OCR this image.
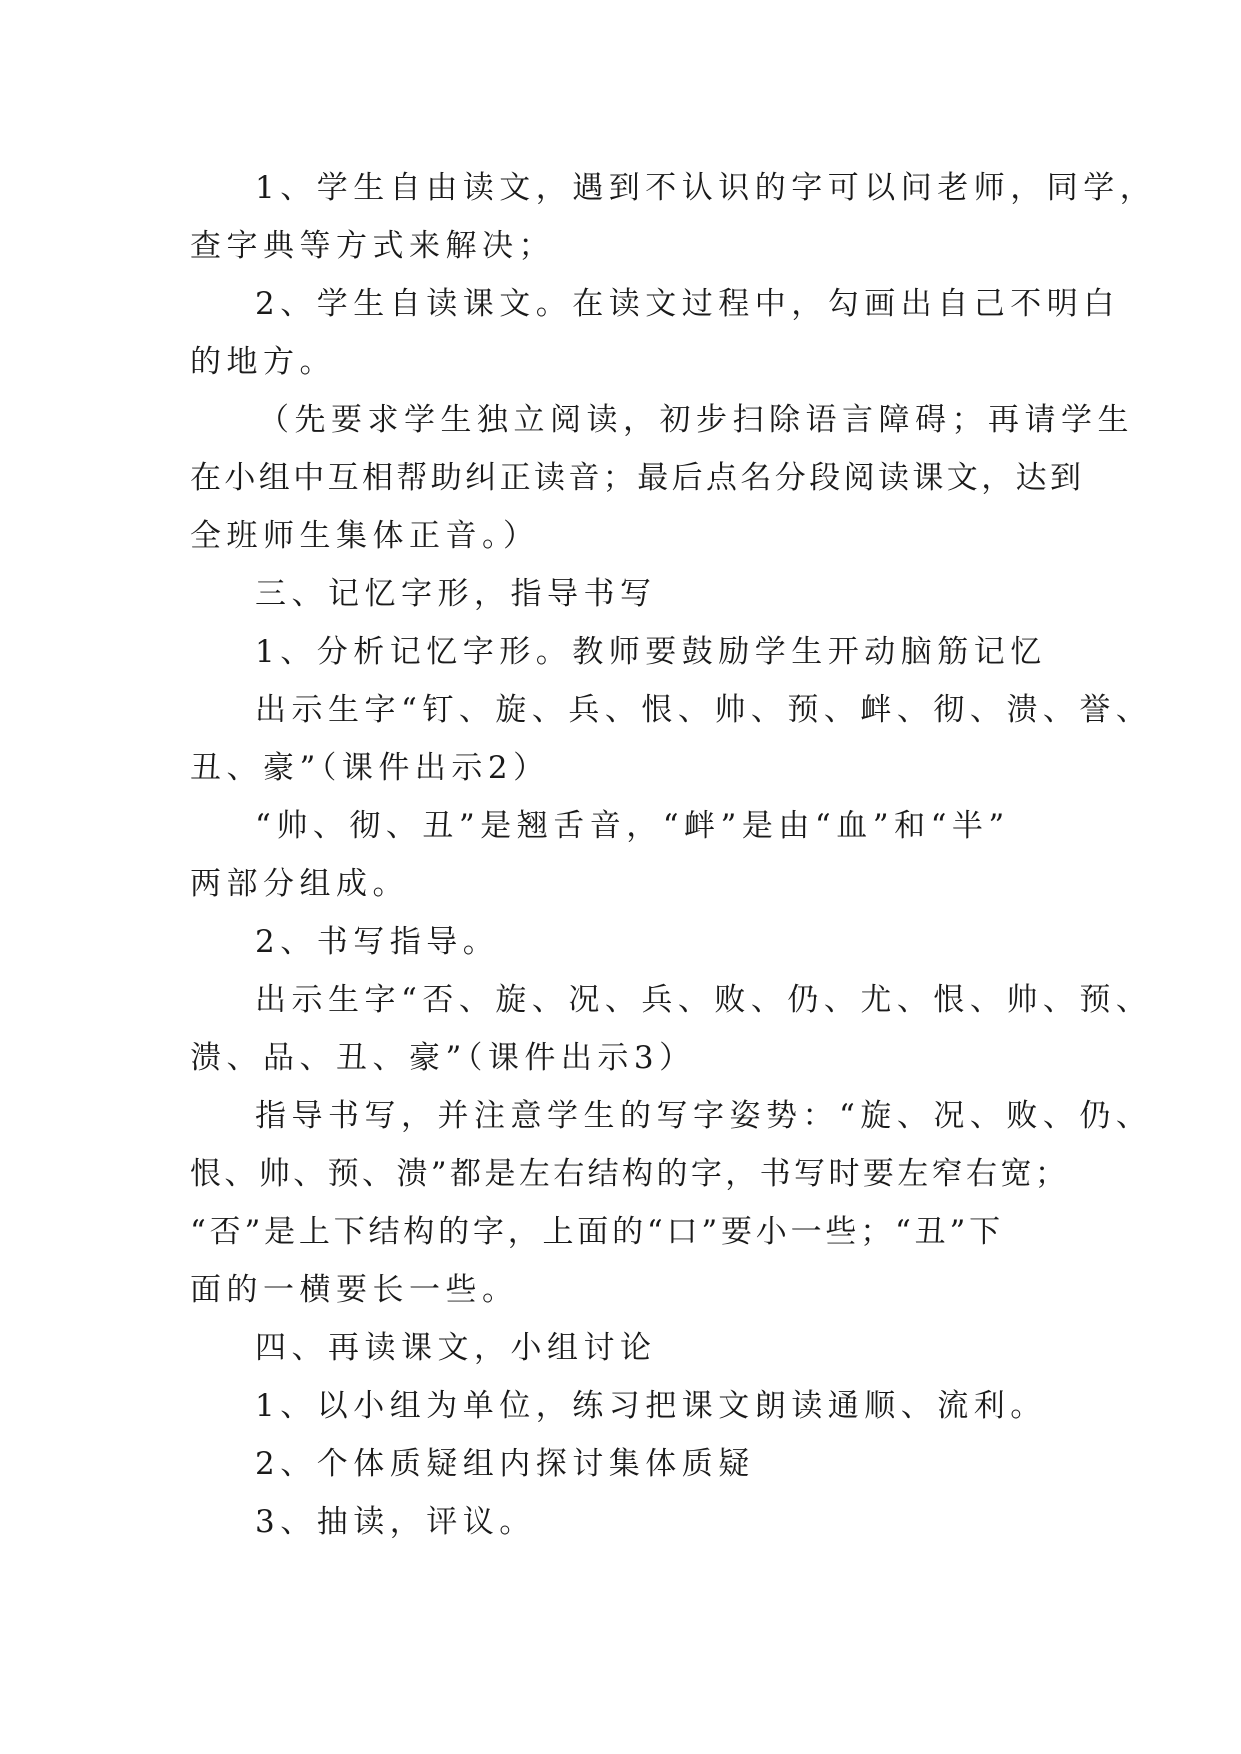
1、学生自由读文，遇到不认识的字可以问老师，同学，
查字典等方式来解决；
2、学生自读课文。在读文过程中，勾画出自己不明白
的地方。
（先要求学生独立阅读，初步扫除语言障碍；再请学生
在小组中互相帮助纠正读音；最后点名分段阅读课文，达到
全班师生集体正音。）
三、记忆字形，指导书写
1、分析记忆字形。教师要鼓励学生开动脑筋记忆
出示生字“钉、旋、兵、恨、帅、预、衅、彻、溃、誉、
丑、豪”（课件出示2）
“帅、彻、丑”是翘舌音，“衅”是由“血”和“半”
两部分组成。
2、书写指导。
出示生字“否、旋、况、兵、败、仍、尤、恨、帅、预、
溃、品、丑、豪”（课件出示3）
指导书写，并注意学生的写字姿势：“旋、况、败、仍、
恨、帅、预、溃”都是左右结构的字，书写时要左窄右宽；
“否”是上下结构的字，上面的“口”要小一些；“丑”下
面的一横要长一些。
四、再读课文，小组讨论
1、以小组为单位，练习把课文朗读通顺、流利。
2、个体质疑组内探讨集体质疑
3、抽读，评议。
